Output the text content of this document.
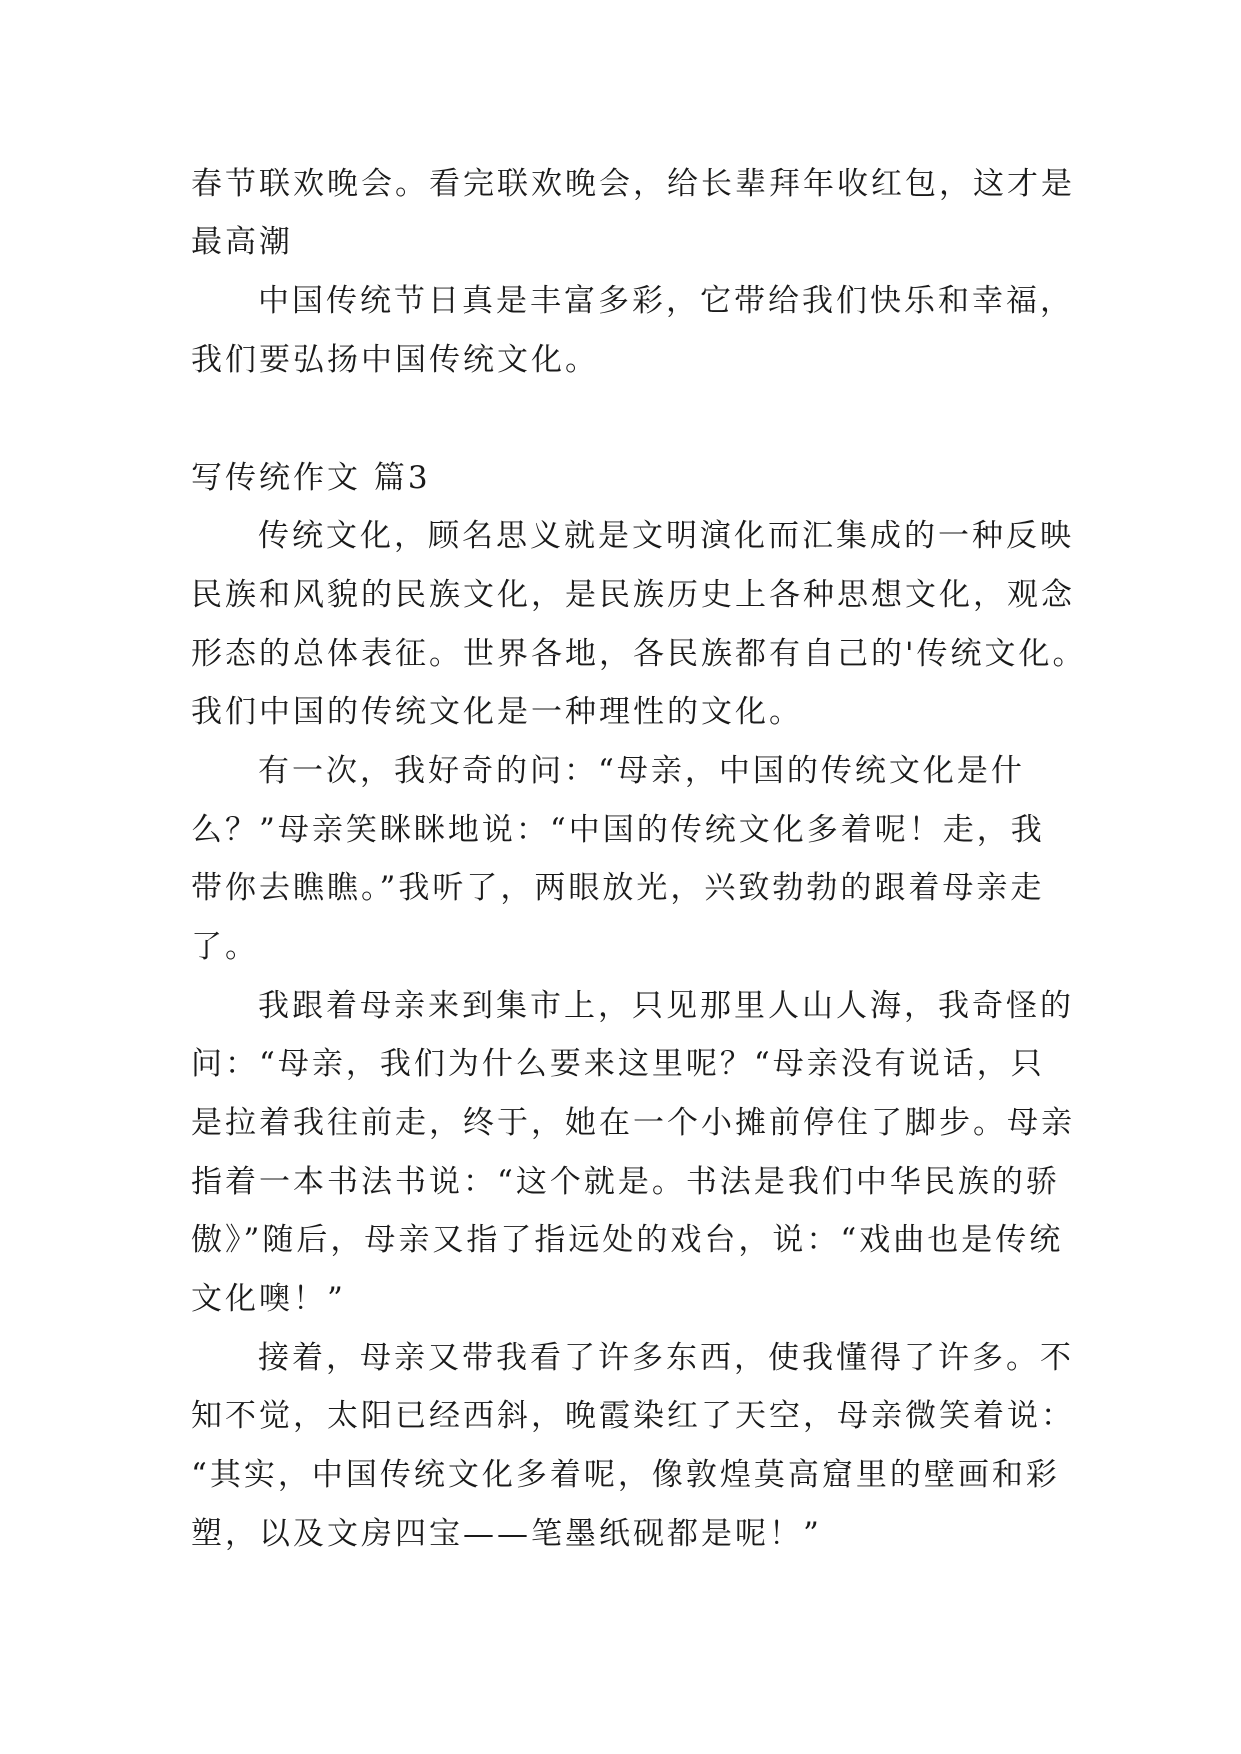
春节联欢晚会。看完联欢晚会，给长辈拜年收红包，这才是
最高潮
中国传统节日真是丰富多彩，它带给我们快乐和幸福，
我们要弘扬中国传统文化。
写传统作文 篇3
传统文化，顾名思义就是文明演化而汇集成的一种反映
民族和风貌的民族文化，是民族历史上各种思想文化，观念
形态的总体表征。世界各地，各民族都有自己的'传统文化。
我们中国的传统文化是一种理性的文化。
有一次，我好奇的问：“母亲，中国的传统文化是什
么？”母亲笑眯眯地说：“中国的传统文化多着呢！走，我
带你去瞧瞧。”我听了，两眼放光，兴致勃勃的跟着母亲走
了。
我跟着母亲来到集市上，只见那里人山人海，我奇怪的
问：“母亲，我们为什么要来这里呢？“母亲没有说话，只
是拉着我往前走，终于，她在一个小摊前停住了脚步。母亲
指着一本书法书说：“这个就是。书法是我们中华民族的骄
傲》”随后，母亲又指了指远处的戏台，说：“戏曲也是传统
文化噢！”
接着，母亲又带我看了许多东西，使我懂得了许多。不
知不觉，太阳已经西斜，晚霞染红了天空，母亲微笑着说：
“其实，中国传统文化多着呢，像敦煌莫高窟里的壁画和彩
塑，以及文房四宝——笔墨纸砚都是呢！”
